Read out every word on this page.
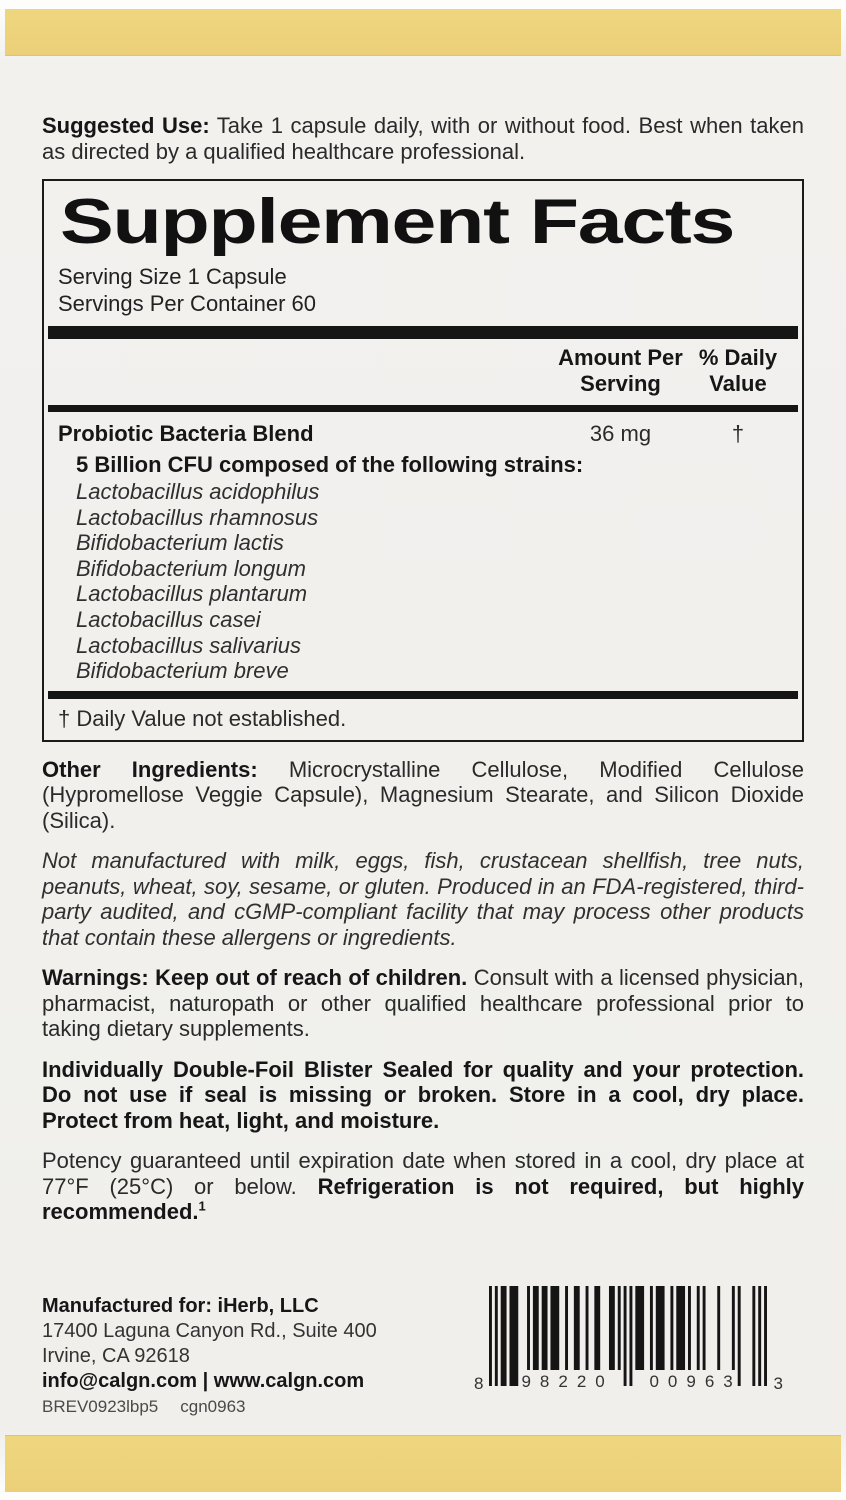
Suggested Use: Take 1 capsule daily, with or without food. Best when taken as directed by a qualified healthcare professional.

Supplement Facts
Serving Size 1 Capsule
Servings Per Container 60
Amount Per Serving
% Daily Value
Probiotic Bacteria Blend	36 mg	†
5 Billion CFU composed of the following strains:
Lactobacillus acidophilus
Lactobacillus rhamnosus
Bifidobacterium lactis
Bifidobacterium longum
Lactobacillus plantarum
Lactobacillus casei
Lactobacillus salivarius
Bifidobacterium breve
† Daily Value not established.

Other Ingredients: Microcrystalline Cellulose, Modified Cellulose (Hypromellose Veggie Capsule), Magnesium Stearate, and Silicon Dioxide (Silica).

Not manufactured with milk, eggs, fish, crustacean shellfish, tree nuts, peanuts, wheat, soy, sesame, or gluten. Produced in an FDA-registered, third-party audited, and cGMP-compliant facility that may process other products that contain these allergens or ingredients.

Warnings: Keep out of reach of children. Consult with a licensed physician, pharmacist, naturopath or other qualified healthcare professional prior to taking dietary supplements.

Individually Double-Foil Blister Sealed for quality and your protection. Do not use if seal is missing or broken. Store in a cool, dry place. Protect from heat, light, and moisture.

Potency guaranteed until expiration date when stored in a cool, dry place at 77°F (25°C) or below. Refrigeration is not required, but highly recommended.$^1$

Manufactured for: iHerb, LLC
17400 Laguna Canyon Rd., Suite 400
Irvine, CA 92618
info@calgn.com | www.calgn.com
BREV0923lbp5 cgn0963
8 98220 00963 3
